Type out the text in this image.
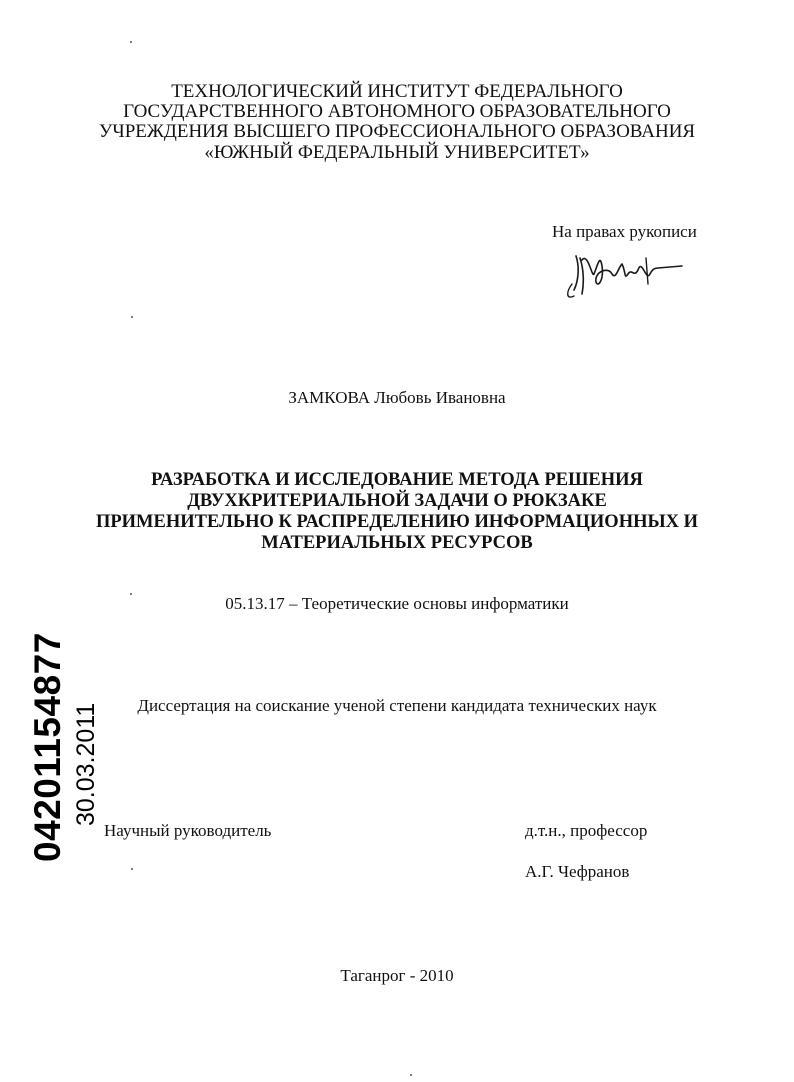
ТЕХНОЛОГИЧЕСКИЙ ИНСТИТУТ ФЕДЕРАЛЬНОГО
ГОСУДАРСТВЕННОГО АВТОНОМНОГО ОБРАЗОВАТЕЛЬНОГО
УЧРЕЖДЕНИЯ ВЫСШЕГО ПРОФЕССИОНАЛЬНОГО ОБРАЗОВАНИЯ
«ЮЖНЫЙ ФЕДЕРАЛЬНЫЙ УНИВЕРСИТЕТ»
На правах рукописи
ЗАМКОВА Любовь Ивановна
РАЗРАБОТКА И ИССЛЕДОВАНИЕ МЕТОДА РЕШЕНИЯ
ДВУХКРИТЕРИАЛЬНОЙ ЗАДАЧИ О РЮКЗАКЕ
ПРИМЕНИТЕЛЬНО К РАСПРЕДЕЛЕНИЮ ИНФОРМАЦИОННЫХ И
МАТЕРИАЛЬНЫХ РЕСУРСОВ
05.13.17 – Теоретические основы информатики
Диссертация на соискание ученой степени кандидата технических наук
Научный руководитель	д.т.н., профессор
А.Г. Чефранов
Таганрог - 2010
04201154877 30.03.2011
